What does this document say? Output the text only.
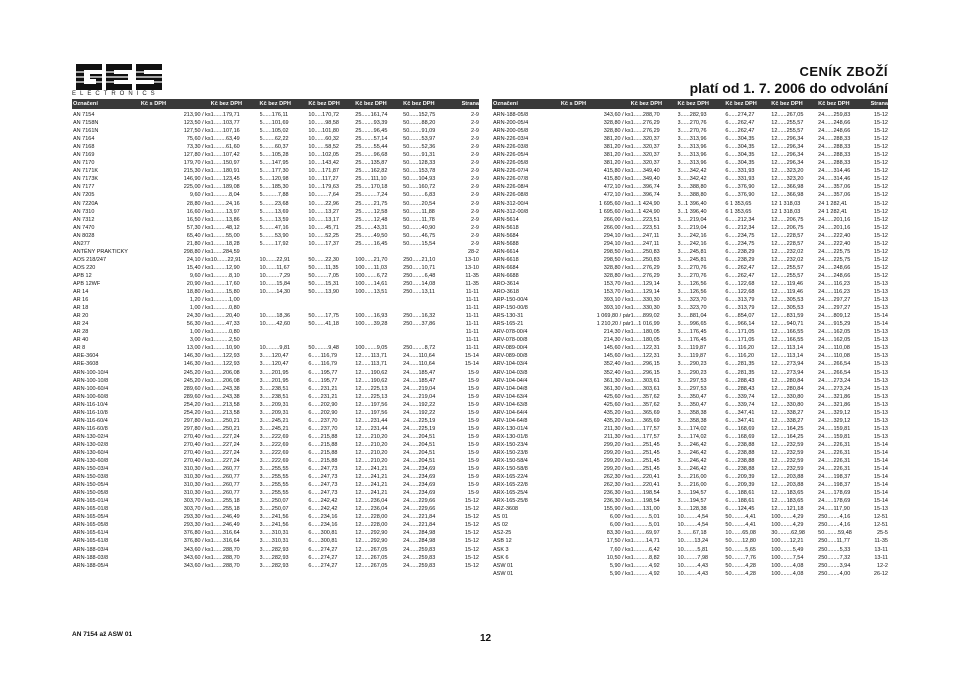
ELECTRONICS
CENÍK ZBOŽÍ
platí od 1. 7. 2006 do odvolání
Označení	Kč s DPH	Kč bez DPH	Kč bez DPH	Kč bez DPH	Kč bez DPH	Kč bez DPH	Strana	Označení	Kč s DPH	Kč bez DPH	Kč bez DPH	Kč bez DPH	Kč bez DPH	Kč bez DPH	Strana
AN 7154	213,90 / ks 1......179,71	5......176,11	10.....170,72	25......161,74	50......152,75	2-9
AN 7158N	123,50 / ks 1......103,77	5......101,69	10.......98,58	25........93,39	50........88,20	2-9
AN 7161N	127,50 / ks 1......107,16	5......105,02	10.....101,80	25........96,45	50........91,09	2-9
AN 7164	75,60 / ks 1........63,49	5........62,22	10.......60,32	25........57,14	50........53,97	2-9
AN 7168	73,30 / ks 1........61,60	5........60,37	10.......58,52	25........55,44	50........52,36	2-9
AN 7169	127,80 / ks 1......107,42	5......105,28	10.....102,05	25........96,68	50........91,31	2-9
AN 7170	179,70 / ks 1......150,97	5......147,95	10.....143,42	25......135,87	50......128,33	2-9
AN 7171K	215,30 / ks 1......180,91	5......177,30	10.....171,87	25......162,82	50......153,78	2-9
AN 7173K	146,90 / ks 1......123,45	5......120,98	10.....117,27	25......111,10	50......104,93	2-9
AN 7177	225,00 / ks 1......189,08	5......185,30	10.....179,63	25......170,18	50......160,72	2-9
AN 7205	9,60 / ks 1..........8,04	5..........7,88	10.........7,64	25..........7,24	50..........6,83	2-9
AN 7220A	28,80 / ks 1........24,16	5........23,68	10.......22,96	25........21,75	50........20,54	2-9
AN 7310	16,60 / ks 1........13,97	5........13,69	10.......13,27	25........12,58	50........11,88	2-9
AN 7312	16,50 / ks 1........13,86	5........13,59	10.......13,17	25........12,48	50........11,78	2-9
AN 7470	57,30 / ks 1........48,12	5........47,16	10.......45,71	25........43,31	50........40,90	2-9
AN 8028	65,40 / ks 1........55,00	5........53,90	10.......52,25	25........49,50	50........46,75	2-9
AN277	21,80 / ks 1........18,28	5........17,92	10.......17,37	25........16,45	50........15,54	2-9
ANTÉNY PRAKTICKY	298,80 / ks 1......284,59	28-2
AOS 218/247	24,10 / ks 10.......22,91	10.......22,91	50.......22,30	100......21,70	250......21,10	13-10
AOS 220	15,40 / ks 1........12,90	10.......11,67	50.......11,35	100......11,03	250......10,71	13-10
APB 12	9,60 / ks 1..........8,10	10.........7,29	50.........7,05	100........6,72	250........6,48	11-35
APB 12WF	20,90 / ks 1........17,60	10.......15,84	50.......15,31	100......14,61	250......14,08	11-35
AR 14	18,80 / ks 1........15,80	10.......14,30	50.......13,90	100......13,51	250......13,11	11-11
AR 16	1,20 / ks 1..........1,00	11-11
AR 18	1,00 / ks 1..........0,80	11-11
AR 20	24,30 / ks 1........20,40	10.......18,36	50.......17,75	100......16,93	250......16,32	11-11
AR 24	56,30 / ks 1........47,33	10.......42,60	50.......41,18	100......39,28	250......37,86	11-11
AR 28	1,00 / ks 1..........0,80	11-11
AR 40	3,00 / ks 1..........2,50	11-11
AR 8	13,00 / ks 1........10,90	10.........9,81	50.........9,48	100........9,05	250........8,72	11-11
ARE-3604	146,30 / ks 1......122,93	3......120,47	6......116,79	12......113,71	24......110,64	15-14
ARE-3608	146,30 / ks 1......122,93	3......120,47	6......116,79	12......113,71	24......110,64	15-14
ARN-100-10/4	245,20 / ks 1......206,08	3......201,95	6......195,77	12......190,62	24......185,47	15-9
ARN-100-10/8	245,20 / ks 1......206,08	3......201,95	6......195,77	12......190,62	24......185,47	15-9
ARN-100-60/4	289,60 / ks 1......243,38	3......238,51	6......231,21	12......225,13	24......219,04	15-9
ARN-100-60/8	289,60 / ks 1......243,38	3......238,51	6......231,21	12......225,13	24......219,04	15-9
ARN-116-10/4	254,20 / ks 1......213,58	3......209,31	6......202,90	12......197,56	24......192,22	15-9
ARN-116-10/8	254,20 / ks 1......213,58	3......209,31	6......202,90	12......197,56	24......192,22	15-9
ARN-116-60/4	297,80 / ks 1......250,21	3......245,21	6......237,70	12......231,44	24......225,19	15-9
ARN-116-60/8	297,80 / ks 1......250,21	3......245,21	6......237,70	12......231,44	24......225,19	15-9
ARN-130-02/4	270,40 / ks 1......227,24	3......222,69	6......215,88	12......210,20	24......204,51	15-9
ARN-130-02/8	270,40 / ks 1......227,24	3......222,69	6......215,88	12......210,20	24......204,51	15-9
ARN-130-60/4	270,40 / ks 1......227,24	3......222,69	6......215,88	12......210,20	24......204,51	15-9
ARN-130-60/8	270,40 / ks 1......227,24	3......222,69	6......215,88	12......210,20	24......204,51	15-9
ARN-150-03/4	310,30 / ks 1......260,77	3......255,55	6......247,73	12......241,21	24......234,69	15-9
ARN-150-03/8	310,30 / ks 1......260,77	3......255,55	6......247,73	12......241,21	24......234,69	15-9
ARN-150-05/4	310,30 / ks 1......260,77	3......255,55	6......247,73	12......241,21	24......234,69	15-9
ARN-150-05/8	310,30 / ks 1......260,77	3......255,55	6......247,73	12......241,21	24......234,69	15-9
ARN-165-01/4	303,70 / ks 1......255,18	3......250,07	6......242,42	12......236,04	24......229,66	15-12
ARN-165-01/8	303,70 / ks 1......255,18	3......250,07	6......242,42	12......236,04	24......229,66	15-12
ARN-165-05/4	293,30 / ks 1......246,49	3......241,56	6......234,16	12......228,00	24......221,84	15-12
ARN-165-05/8	293,30 / ks 1......246,49	3......241,56	6......234,16	12......228,00	24......221,84	15-12
ARN-165-61/4	376,80 / ks 1......316,64	3......310,31	6......300,81	12......292,90	24......284,98	15-12
ARN-165-61/8	376,80 / ks 1......316,64	3......310,31	6......300,81	12......292,90	24......284,98	15-12
ARN-188-03/4	343,60 / ks 1......288,70	3......282,93	6......274,27	12......267,05	24......259,83	15-12
ARN-188-03/8	343,60 / ks 1......288,70	3......282,93	6......274,27	12......267,05	24......259,83	15-12
ARN-188-05/4	343,60 / ks 1......288,70	3......282,93	6......274,27	12......267,05	24......259,83	15-12
ARN-188-05/8	343,60 / ks 1......288,70	3......282,93	6......274,27	12......267,05	24......259,83	15-12
ARN-200-05/4	328,80 / ks 1......276,29	3......270,76	6......262,47	12......255,57	24......248,66	15-12
ARN-200-05/8	328,80 / ks 1......276,29	3......270,76	6......262,47	12......255,57	24......248,66	15-12
ARN-226-03/4	381,20 / ks 1......320,37	3......313,96	6......304,35	12......296,34	24......288,33	15-12
ARN-226-03/8	381,20 / ks 1......320,37	3......313,96	6......304,35	12......296,34	24......288,33	15-12
ARN-226-05/4	381,20 / ks 1......320,37	3......313,96	6......304,35	12......296,34	24......288,33	15-12
ARN-226-05/8	381,20 / ks 1......320,37	3......313,96	6......304,35	12......296,34	24......288,33	15-12
ARN-226-07/4	415,80 / ks 1......349,40	3......342,42	6......331,93	12......323,20	24......314,46	15-12
ARN-226-07/8	415,80 / ks 1......349,40	3......342,42	6......331,93	12......323,20	24......314,46	15-12
ARN-226-08/4	472,10 / ks 1......396,74	3......388,80	6......376,90	12......366,98	24......357,06	15-12
ARN-226-08/8	472,10 / ks 1......396,74	3......388,80	6......376,90	12......366,98	24......357,06	15-12
ARN-312-00/4	1 695,60 / ks 1...1 424,90	3...1 396,40	6 1 353,65	12 1 318,03	24 1 282,41	15-12
ARN-312-00/8	1 695,60 / ks 1...1 424,90	3...1 396,40	6 1 353,65	12 1 318,03	24 1 282,41	15-12
ARN-5614	266,00 / ks 1......223,51	3......219,04	6......212,34	12......206,75	24......201,16	15-12
ARN-5618	266,00 / ks 1......223,51	3......219,04	6......212,34	12......206,75	24......201,16	15-12
ARN-5684	294,10 / ks 1......247,11	3......242,16	6......234,75	12......228,57	24......222,40	15-12
ARN-5688	294,10 / ks 1......247,11	3......242,16	6......234,75	12......228,57	24......222,40	15-12
ARN-6614	298,50 / ks 1......250,83	3......245,81	6......238,29	12......232,02	24......225,75	15-12
ARN-6618	298,50 / ks 1......250,83	3......245,81	6......238,29	12......232,02	24......225,75	15-12
ARN-6684	328,80 / ks 1......276,29	3......270,76	6......262,47	12......255,57	24......248,66	15-12
ARN-6688	328,80 / ks 1......276,29	3......270,76	6......262,47	12......255,57	24......248,66	15-12
ARO-3614	153,70 / ks 1......129,14	3......126,56	6......122,68	12......119,46	24......116,23	15-13
ARO-3618	153,70 / ks 1......129,14	3......126,56	6......122,68	12......119,46	24......116,23	15-13
ARP-150-00/4	393,10 / ks 1......330,30	3......323,70	6......313,79	12......305,53	24......297,27	15-13
ARP-150-00/8	393,10 / ks 1......330,30	3......323,70	6......313,79	12......305,53	24......297,27	15-13
ARS-130-31	1 069,80 / pár 1......899,02	3......881,04	6......854,07	12......831,59	24......809,12	15-14
ARS-165-21	1 210,20 / pár 1...1 016,99	3......996,65	6......966,14	12......940,71	24......915,29	15-14
ARV-078-00/4	214,30 / ks 1......180,05	3......176,45	6......171,05	12......166,55	24......162,05	15-13
ARV-078-00/8	214,30 / ks 1......180,05	3......176,45	6......171,05	12......166,55	24......162,05	15-13
ARV-089-00/4	145,60 / ks 1......122,31	3......119,87	6......116,20	12......113,14	24......110,08	15-13
ARV-089-00/8	145,60 / ks 1......122,31	3......119,87	6......116,20	12......113,14	24......110,08	15-13
ARV-104-03/4	352,40 / ks 1......296,15	3......290,23	6......281,35	12......273,94	24......266,54	15-13
ARV-104-03/8	352,40 / ks 1......296,15	3......290,23	6......281,35	12......273,94	24......266,54	15-13
ARV-104-04/4	361,30 / ks 1......303,61	3......297,53	6......288,43	12......280,84	24......273,24	15-13
ARV-104-04/8	361,30 / ks 1......303,61	3......297,53	6......288,43	12......280,84	24......273,24	15-13
ARV-104-63/4	425,60 / ks 1......357,62	3......350,47	6......339,74	12......330,80	24......321,86	15-13
ARV-104-63/8	425,60 / ks 1......357,62	3......350,47	6......339,74	12......330,80	24......321,86	15-13
ARV-104-64/4	435,20 / ks 1......365,69	3......358,38	6......347,41	12......338,27	24......329,12	15-13
ARV-104-64/8	435,20 / ks 1......365,69	3......358,38	6......347,41	12......338,27	24......329,12	15-13
ARX-130-01/4	211,30 / ks 1......177,57	3......174,02	6......168,69	12......164,25	24......159,81	15-13
ARX-130-01/8	211,30 / ks 1......177,57	3......174,02	6......168,69	12......164,25	24......159,81	15-13
ARX-150-23/4	299,20 / ks 1......251,45	3......246,42	6......238,88	12......232,59	24......226,31	15-14
ARX-150-23/8	299,20 / ks 1......251,45	3......246,42	6......238,88	12......232,59	24......226,31	15-14
ARX-150-58/4	299,20 / ks 1......251,45	3......246,42	6......238,88	12......232,59	24......226,31	15-14
ARX-150-58/8	299,20 / ks 1......251,45	3......246,42	6......238,88	12......232,59	24......226,31	15-14
ARX-165-22/4	262,30 / ks 1......220,41	3......216,00	6......209,39	12......203,88	24......198,37	15-14
ARX-165-22/8	262,30 / ks 1......220,41	3......216,00	6......209,39	12......203,88	24......198,37	15-14
ARX-165-25/4	236,30 / ks 1......198,54	3......194,57	6......188,61	12......183,65	24......178,69	15-14
ARX-165-25/8	236,30 / ks 1......198,54	3......194,57	6......188,61	12......183,65	24......178,69	15-14
ARZ-3608	155,90 / ks 1......131,00	3......128,38	6......124,45	12......121,18	24......117,90	15-13
AS 01	6,00 / ks 1..........5,01	10.........4,54	50.........4,41	100........4,29	250........4,16	12-51
AS 02	6,00 / ks 1..........5,01	10.........4,54	50.........4,41	100........4,29	250........4,16	12-51
AS2-25	83,30 / ks 1........69,97	3........67,18	10.......65,08	30.........62,98	50.........59,48	25-5
ASB 12	17,50 / ks 1........14,71	10.......13,24	50.......12,80	100......12,21	250......11,77	11-35
ASK 3	7,60 / ks 1..........6,42	10.........5,81	50.........5,65	100........5,49	250........5,33	13-11
ASK 6	10,50 / ks 1..........8,82	10.........7,98	50.........7,76	100........7,54	250........7,32	13-11
ASW 01	5,90 / ks 1..........4,92	10.........4,43	50.........4,28	100........4,08	250........3,94	12-2
ASW 01	5,90 / ks 1..........4,92	10.........4,43	50.........4,28	100........4,08	250........4,00	26-12
AN 7154 až ASW 01	12
